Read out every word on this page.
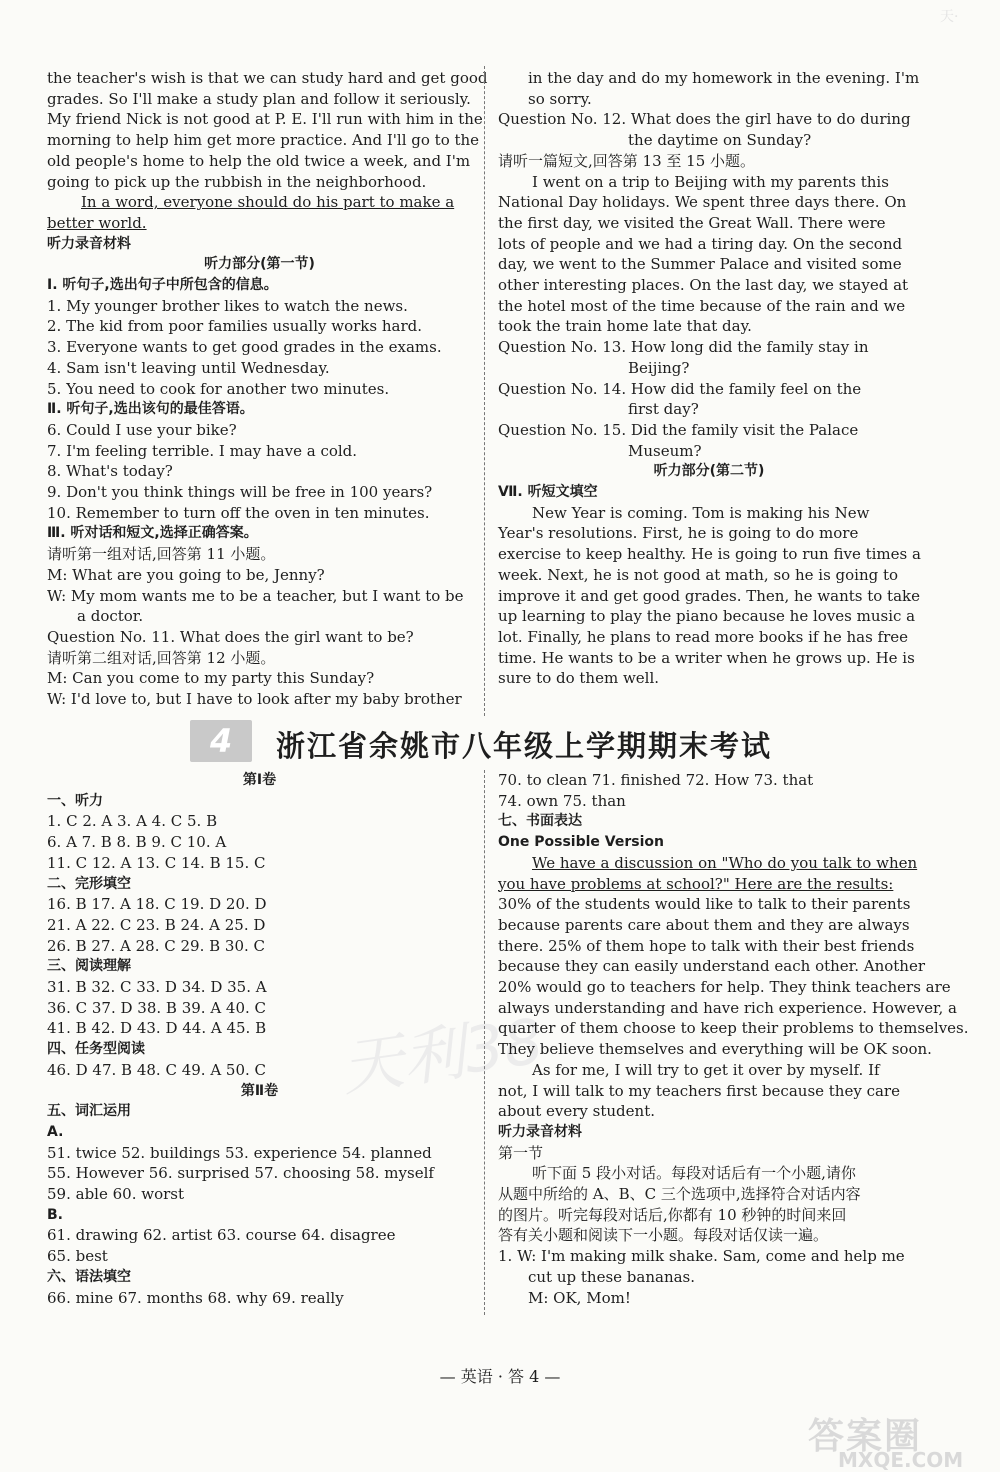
天·
the teacher's wish is that we can study hard and get good
grades. So I'll make a study plan and follow it seriously.
My friend Nick is not good at P. E. I'll run with him in the
morning to help him get more practice. And I'll go to the
old people's home to help the old twice a week, and I'm
going to pick up the rubbish in the neighborhood.
In a word, everyone should do his part to make a
better world.
听力录音材料
听力部分(第一节)
Ⅰ. 听句子,选出句子中所包含的信息。
1. My younger brother likes to watch the news.
2. The kid from poor families usually works hard.
3. Everyone wants to get good grades in the exams.
4. Sam isn't leaving until Wednesday.
5. You need to cook for another two minutes.
Ⅱ. 听句子,选出该句的最佳答语。
6. Could I use your bike?
7. I'm feeling terrible. I may have a cold.
8. What's today?
9. Don't you think things will be free in 100 years?
10. Remember to turn off the oven in ten minutes.
Ⅲ. 听对话和短文,选择正确答案。
请听第一组对话,回答第 11 小题。
M: What are you going to be, Jenny?
W: My mom wants me to be a teacher, but I want to be
a doctor.
Question No. 11. What does the girl want to be?
请听第二组对话,回答第 12 小题。
M: Can you come to my party this Sunday?
W: I'd love to, but I have to look after my baby brother
in the day and do my homework in the evening. I'm
so sorry.
Question No. 12. What does the girl have to do during
the daytime on Sunday?
请听一篇短文,回答第 13 至 15 小题。
I went on a trip to Beijing with my parents this
National Day holidays. We spent three days there. On
the first day, we visited the Great Wall. There were
lots of people and we had a tiring day. On the second
day, we went to the Summer Palace and visited some
other interesting places. On the last day, we stayed at
the hotel most of the time because of the rain and we
took the train home late that day.
Question No. 13. How long did the family stay in
Beijing?
Question No. 14. How did the family feel on the
first day?
Question No. 15. Did the family visit the Palace
Museum?
听力部分(第二节)
Ⅶ. 听短文填空
New Year is coming. Tom is making his New
Year's resolutions. First, he is going to do more
exercise to keep healthy. He is going to run five times a
week. Next, he is not good at math, so he is going to
improve it and get good grades. Then, he wants to take
up learning to play the piano because he loves music a
lot. Finally, he plans to read more books if he has free
time. He wants to be a writer when he grows up. He is
sure to do them well.
4 浙江省余姚市八年级上学期期末考试
天利38
第Ⅰ卷
一、听力
1. C 2. A 3. A 4. C 5. B
6. A 7. B 8. B 9. C 10. A
11. C 12. A 13. C 14. B 15. C
二、完形填空
16. B 17. A 18. C 19. D 20. D
21. A 22. C 23. B 24. A 25. D
26. B 27. A 28. C 29. B 30. C
三、阅读理解
31. B 32. C 33. D 34. D 35. A
36. C 37. D 38. B 39. A 40. C
41. B 42. D 43. D 44. A 45. B
四、任务型阅读
46. D 47. B 48. C 49. A 50. C
第Ⅱ卷
五、词汇运用
A.
51. twice 52. buildings 53. experience 54. planned
55. However 56. surprised 57. choosing 58. myself
59. able 60. worst
B.
61. drawing 62. artist 63. course 64. disagree
65. best
六、语法填空
66. mine 67. months 68. why 69. really
70. to clean 71. finished 72. How 73. that
74. own 75. than
七、书面表达
One Possible Version
We have a discussion on "Who do you talk to when
you have problems at school?" Here are the results:
30% of the students would like to talk to their parents
because parents care about them and they are always
there. 25% of them hope to talk with their best friends
because they can easily understand each other. Another
20% would go to teachers for help. They think teachers are
always understanding and have rich experience. However, a
quarter of them choose to keep their problems to themselves.
They believe themselves and everything will be OK soon.
As for me, I will try to get it over by myself. If
not, I will talk to my teachers first because they care
about every student.
听力录音材料
第一节
听下面 5 段小对话。每段对话后有一个小题,请你
从题中所给的 A、B、C 三个选项中,选择符合对话内容
的图片。听完每段对话后,你都有 10 秒钟的时间来回
答有关小题和阅读下一小题。每段对话仅读一遍。
1. W: I'm making milk shake. Sam, come and help me
cut up these bananas.
M: OK, Mom!
— 英语 · 答 4 —
答案圈
MXQE.COM
